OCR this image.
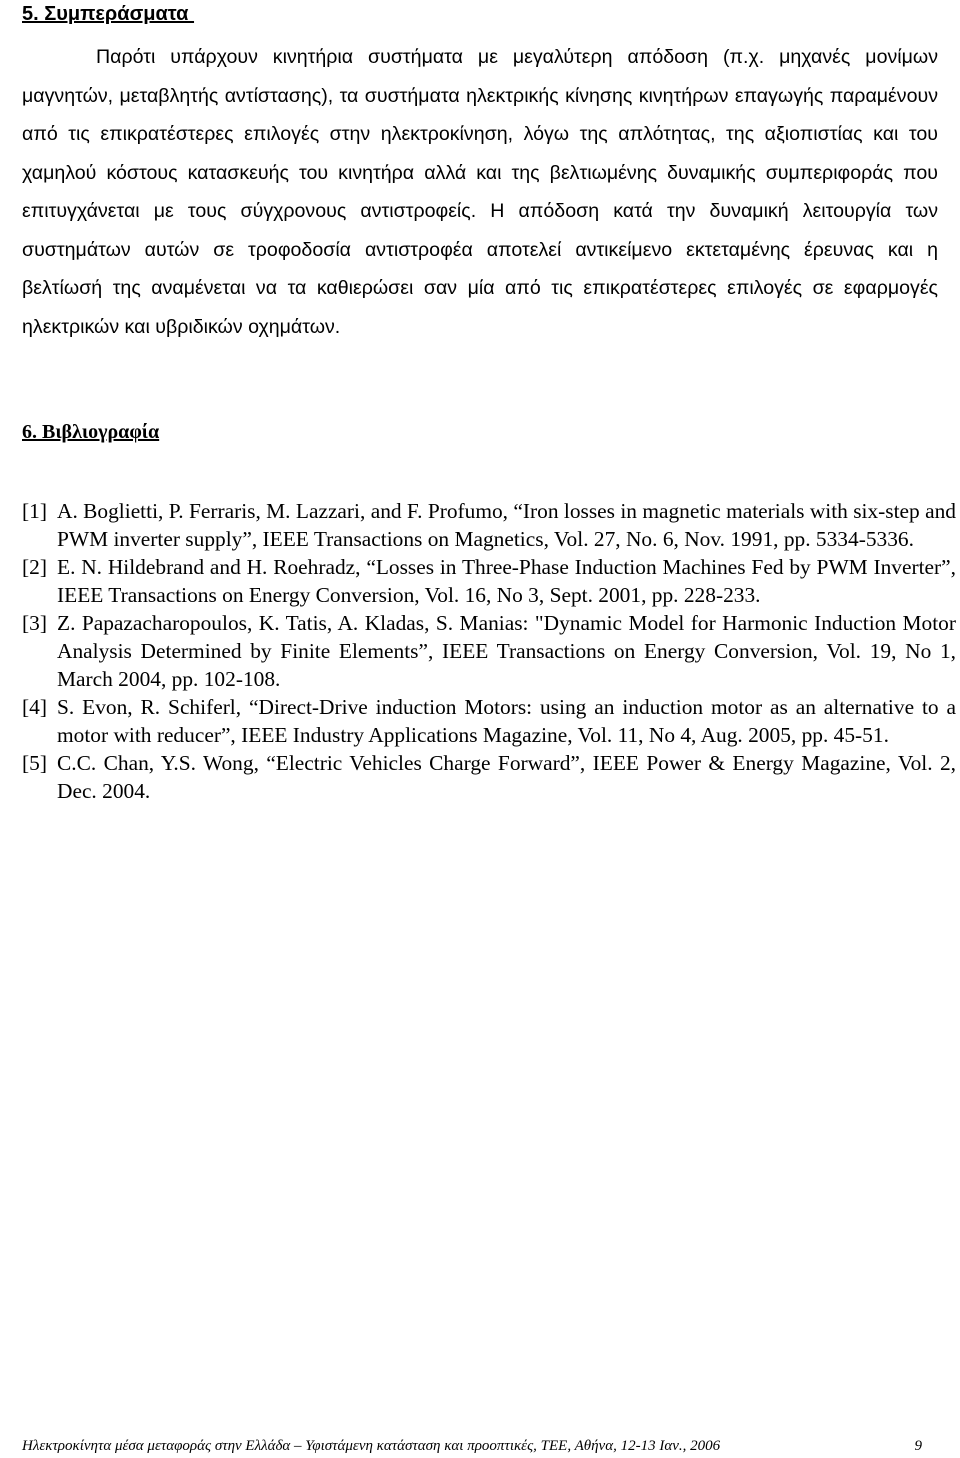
5. Συμπεράσματα

Παρότι υπάρχουν κινητήρια συστήματα με μεγαλύτερη απόδοση (π.χ. μηχανές μονίμων μαγνητών, μεταβλητής αντίστασης), τα συστήματα ηλεκτρικής κίνησης κινητήρων επαγωγής παραμένουν από τις επικρατέστερες επιλογές στην ηλεκτροκίνηση, λόγω της απλότητας, της αξιοπιστίας και του χαμηλού κόστους κατασκευής του κινητήρα αλλά και της βελτιωμένης δυναμικής συμπεριφοράς που επιτυγχάνεται με τους σύγχρονους αντιστροφείς. Η απόδοση κατά την δυναμική λειτουργία των συστημάτων αυτών σε τροφοδοσία αντιστροφέα αποτελεί αντικείμενο εκτεταμένης έρευνας και η βελτίωσή της αναμένεται να τα καθιερώσει σαν μία από τις επικρατέστερες επιλογές σε εφαρμογές ηλεκτρικών και υβριδικών οχημάτων.

6. Βιβλιογραφία
[1] A. Boglietti, P. Ferraris, M. Lazzari, and F. Profumo, “Iron losses in magnetic materials with six-step and PWM inverter supply”, IEEE Transactions on Magnetics, Vol. 27, No. 6, Nov. 1991, pp. 5334-5336.
[2] E. N. Hildebrand and H. Roehradz, “Losses in Three-Phase Induction Machines Fed by PWM Inverter”, IEEE Transactions on Energy Conversion, Vol. 16, No 3, Sept. 2001, pp. 228-233.
[3] Z. Papazacharopoulos, K. Tatis, A. Kladas, S. Manias: "Dynamic Model for Harmonic Induction Motor Analysis Determined by Finite Elements”, IEEE Transactions on Energy Conversion, Vol. 19, No 1, March 2004, pp. 102-108.
[4] S. Evon, R. Schiferl, “Direct-Drive induction Motors: using an induction motor as an alternative to a motor with reducer”, IEEE Industry Applications Magazine, Vol. 11, No 4, Aug. 2005, pp. 45-51.
[5] C.C. Chan, Y.S. Wong, “Electric Vehicles Charge Forward”, IEEE Power & Energy Magazine, Vol. 2, Dec. 2004.
Ηλεκτροκίνητα μέσα μεταφοράς στην Ελλάδα – Υφιστάμενη κατάσταση και προοπτικές, ΤΕΕ, Αθήνα, 12-13 Ιαν., 2006	9
